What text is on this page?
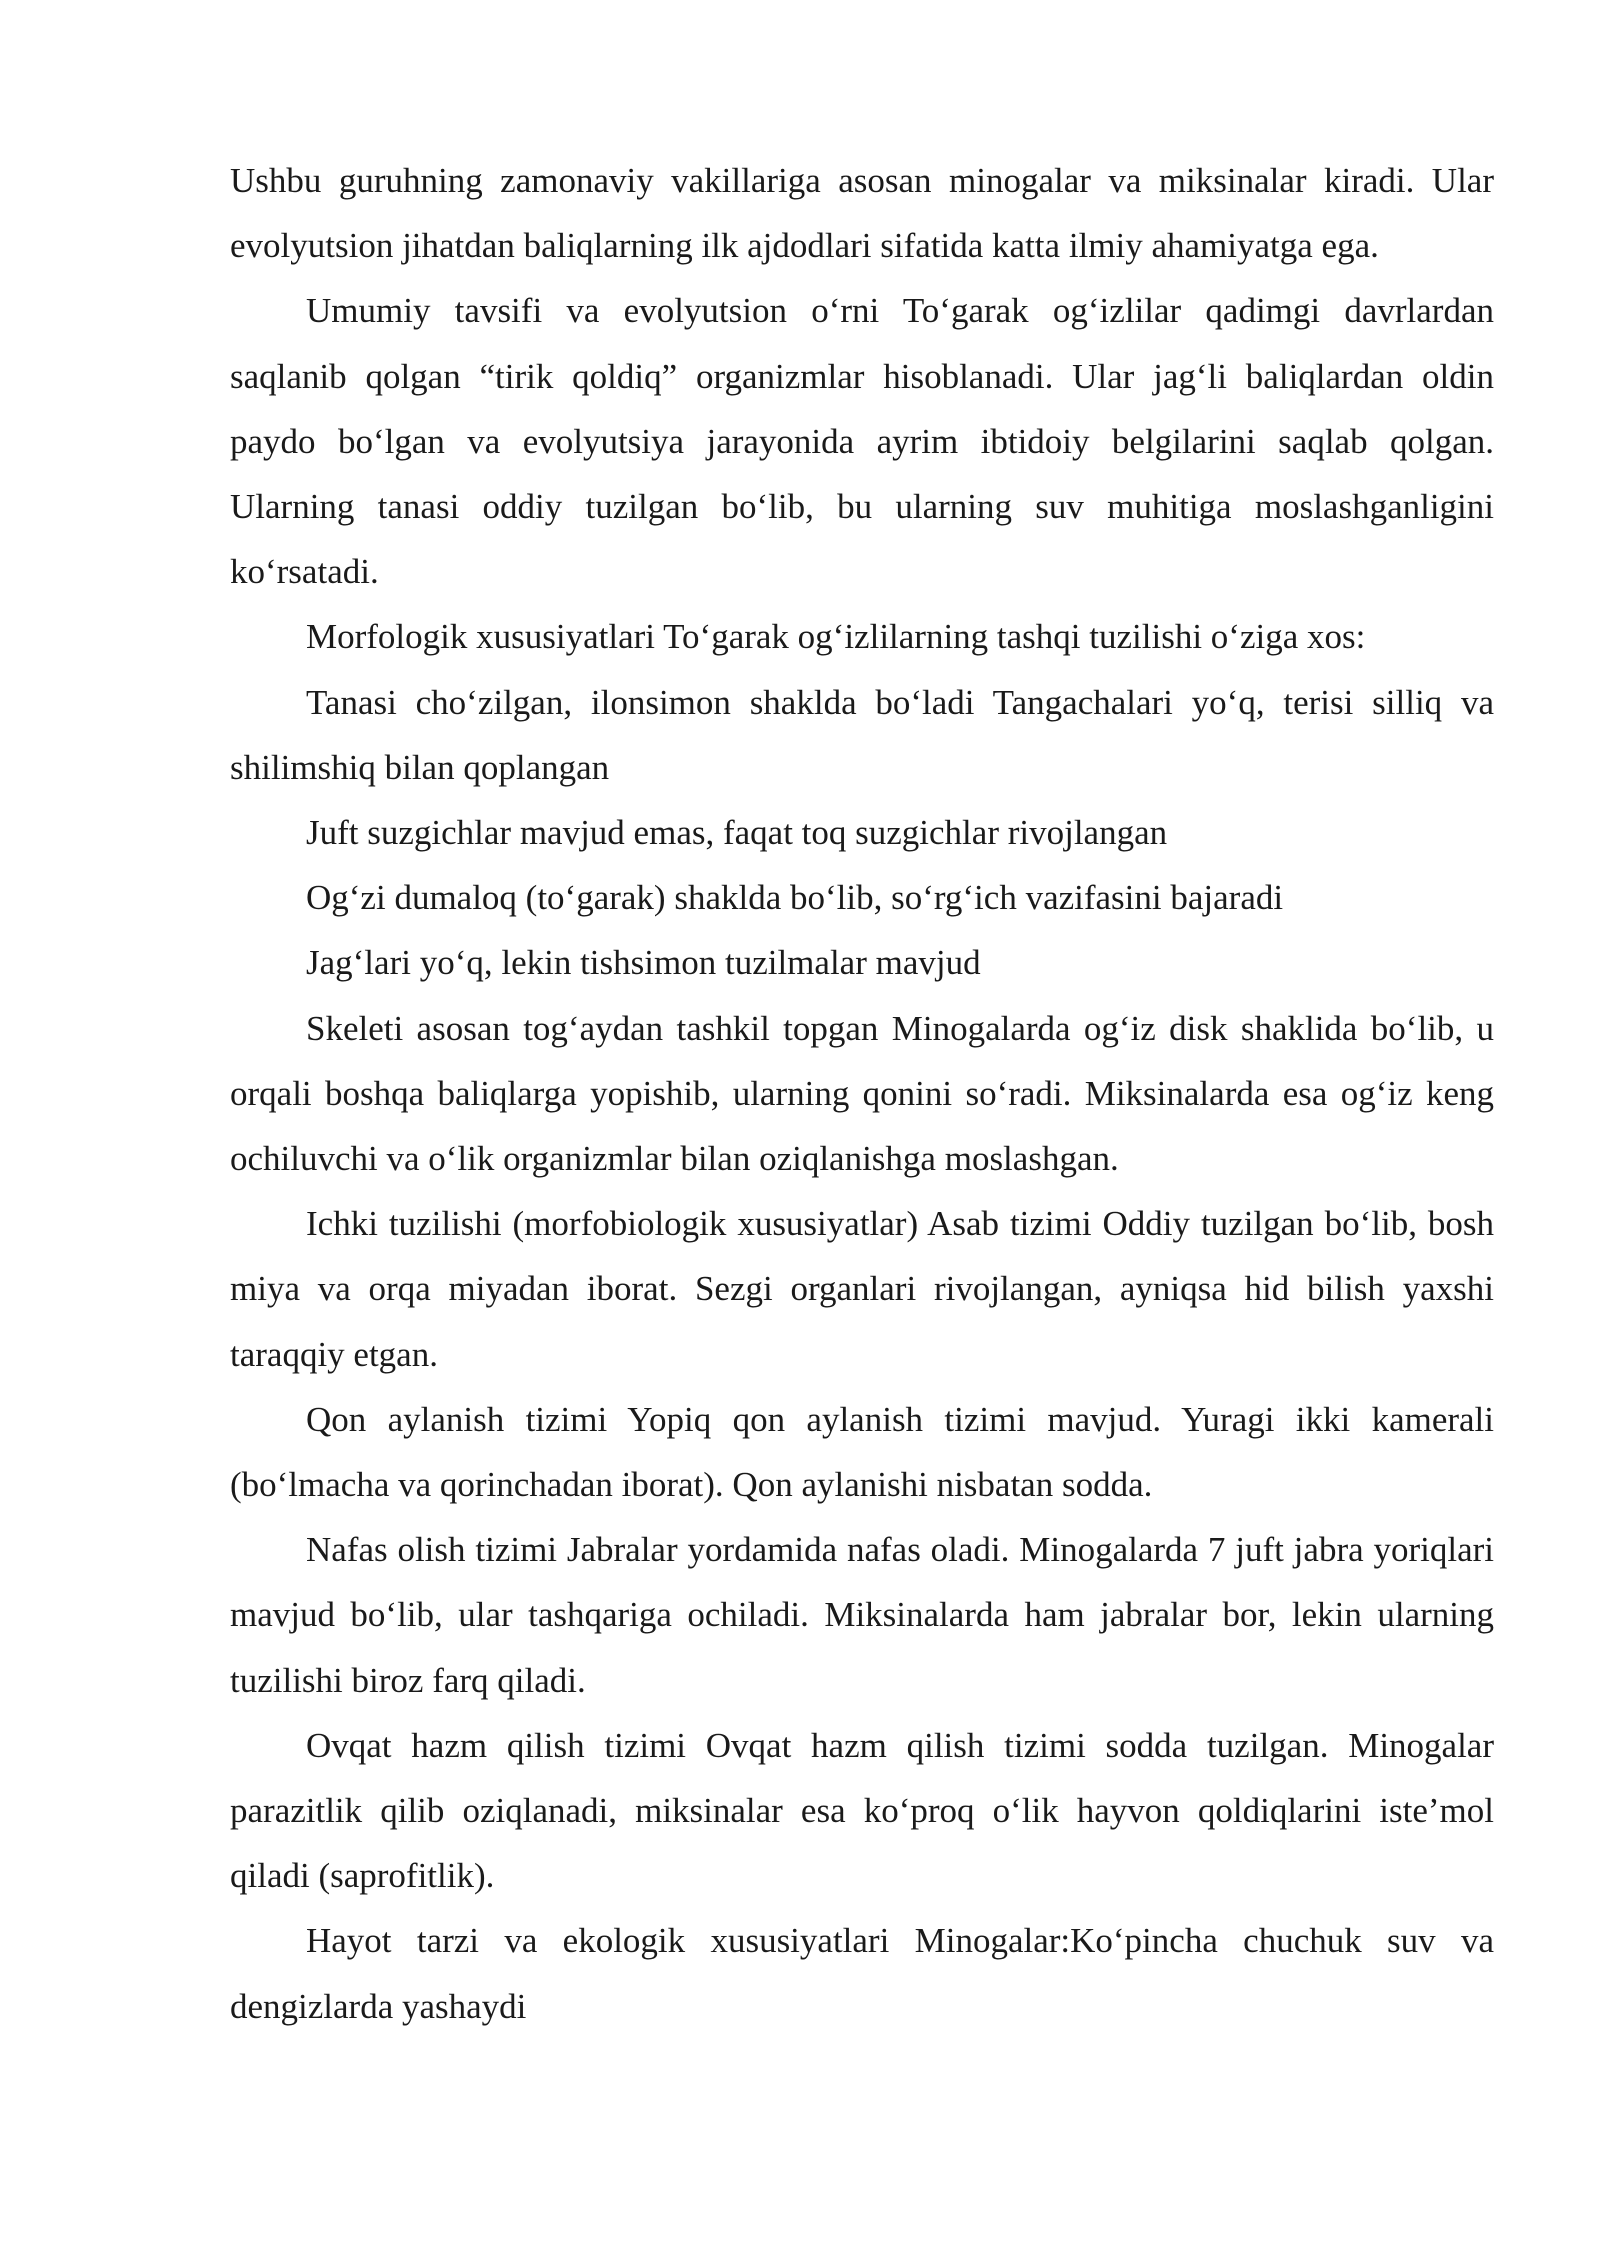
Ushbu guruhning zamonaviy vakillariga asosan minogalar va miksinalar kiradi. Ular evolyutsion jihatdan baliqlarning ilk ajdodlari sifatida katta ilmiy ahamiyatga ega.

Umumiy tavsifi va evolyutsion o‘rni To‘garak og‘izlilar qadimgi davrlardan saqlanib qolgan “tirik qoldiq” organizmlar hisoblanadi. Ular jag‘li baliqlardan oldin paydo bo‘lgan va evolyutsiya jarayonida ayrim ibtidoiy belgilarini saqlab qolgan. Ularning tanasi oddiy tuzilgan bo‘lib, bu ularning suv muhitiga moslashganligini ko‘rsatadi.

Morfologik xususiyatlari To‘garak og‘izlilarning tashqi tuzilishi o‘ziga xos:

Tanasi cho‘zilgan, ilonsimon shaklda bo‘ladi Tangachalari yo‘q, terisi silliq va shilimshiq bilan qoplangan

Juft suzgichlar mavjud emas, faqat toq suzgichlar rivojlangan

Og‘zi dumaloq (to‘garak) shaklda bo‘lib, so‘rg‘ich vazifasini bajaradi

Jag‘lari yo‘q, lekin tishsimon tuzilmalar mavjud

Skeleti asosan tog‘aydan tashkil topgan Minogalarda og‘iz disk shaklida bo‘lib, u orqali boshqa baliqlarga yopishib, ularning qonini so‘radi. Miksinalarda esa og‘iz keng ochiluvchi va o‘lik organizmlar bilan oziqlanishga moslashgan.

Ichki tuzilishi (morfobiologik xususiyatlar) Asab tizimi Oddiy tuzilgan bo‘lib, bosh miya va orqa miyadan iborat. Sezgi organlari rivojlangan, ayniqsa hid bilish yaxshi taraqqiy etgan.

Qon aylanish tizimi Yopiq qon aylanish tizimi mavjud. Yuragi ikki kamerali (bo‘lmacha va qorinchadan iborat). Qon aylanishi nisbatan sodda.

Nafas olish tizimi Jabralar yordamida nafas oladi. Minogalarda 7 juft jabra yoriqlari mavjud bo‘lib, ular tashqariga ochiladi. Miksinalarda ham jabralar bor, lekin ularning tuzilishi biroz farq qiladi.

Ovqat hazm qilish tizimi Ovqat hazm qilish tizimi sodda tuzilgan. Minogalar parazitlik qilib oziqlanadi, miksinalar esa ko‘proq o‘lik hayvon qoldiqlarini iste’mol qiladi (saprofitlik).

Hayot tarzi va ekologik xususiyatlari Minogalar:Ko‘pincha chuchuk suv va dengizlarda yashaydi
